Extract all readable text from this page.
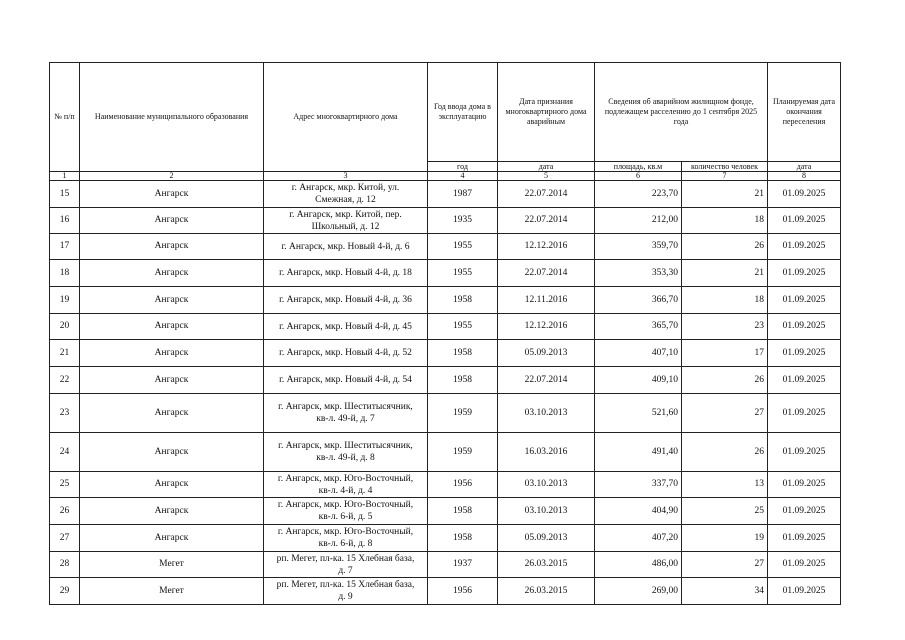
№ п/п	Наименование муниципального образования	Адрес многоквартирного дома	Год ввода дома в эксплуатацию	Дата признания многоквартирного дома аварийным	Сведения об аварийном жилищном фонде, подлежащем расселению до 1 сентября 2025 года		Планируемая дата окончания переселения
			год	дата	площадь, кв.м	количество человек	дата
1	2	3	4	5	6	7	8
15	Ангарск	г. Ангарск, мкр. Китой, ул.
Смежная, д. 12	1987	22.07.2014	223,70	21	01.09.2025
16	Ангарск	г. Ангарск, мкр. Китой, пер.
Школьный, д. 12	1935	22.07.2014	212,00	18	01.09.2025
17	Ангарск	г. Ангарск, мкр. Новый 4-й, д. 6	1955	12.12.2016	359,70	26	01.09.2025
18	Ангарск	г. Ангарск, мкр. Новый 4-й, д. 18	1955	22.07.2014	353,30	21	01.09.2025
19	Ангарск	г. Ангарск, мкр. Новый 4-й, д. 36	1958	12.11.2016	366,70	18	01.09.2025
20	Ангарск	г. Ангарск, мкр. Новый 4-й, д. 45	1955	12.12.2016	365,70	23	01.09.2025
21	Ангарск	г. Ангарск, мкр. Новый 4-й, д. 52	1958	05.09.2013	407,10	17	01.09.2025
22	Ангарск	г. Ангарск, мкр. Новый 4-й, д. 54	1958	22.07.2014	409,10	26	01.09.2025
23	Ангарск	г. Ангарск, мкр. Шеститысячник,
кв-л. 49-й, д. 7	1959	03.10.2013	521,60	27	01.09.2025
24	Ангарск	г. Ангарск, мкр. Шеститысячник,
кв-л. 49-й, д. 8	1959	16.03.2016	491,40	26	01.09.2025
25	Ангарск	г. Ангарск, мкр. Юго-Восточный,
кв-л. 4-й, д. 4	1956	03.10.2013	337,70	13	01.09.2025
26	Ангарск	г. Ангарск, мкр. Юго-Восточный,
кв-л. 6-й, д. 5	1958	03.10.2013	404,90	25	01.09.2025
27	Ангарск	г. Ангарск, мкр. Юго-Восточный,
кв-л. 6-й, д. 8	1958	05.09.2013	407,20	19	01.09.2025
28	Мегет	рп. Мегет, пл-ка. 15 Хлебная база,
д. 7	1937	26.03.2015	486,00	27	01.09.2025
29	Мегет	рп. Мегет, пл-ка. 15 Хлебная база,
д. 9	1956	26.03.2015	269,00	34	01.09.2025
